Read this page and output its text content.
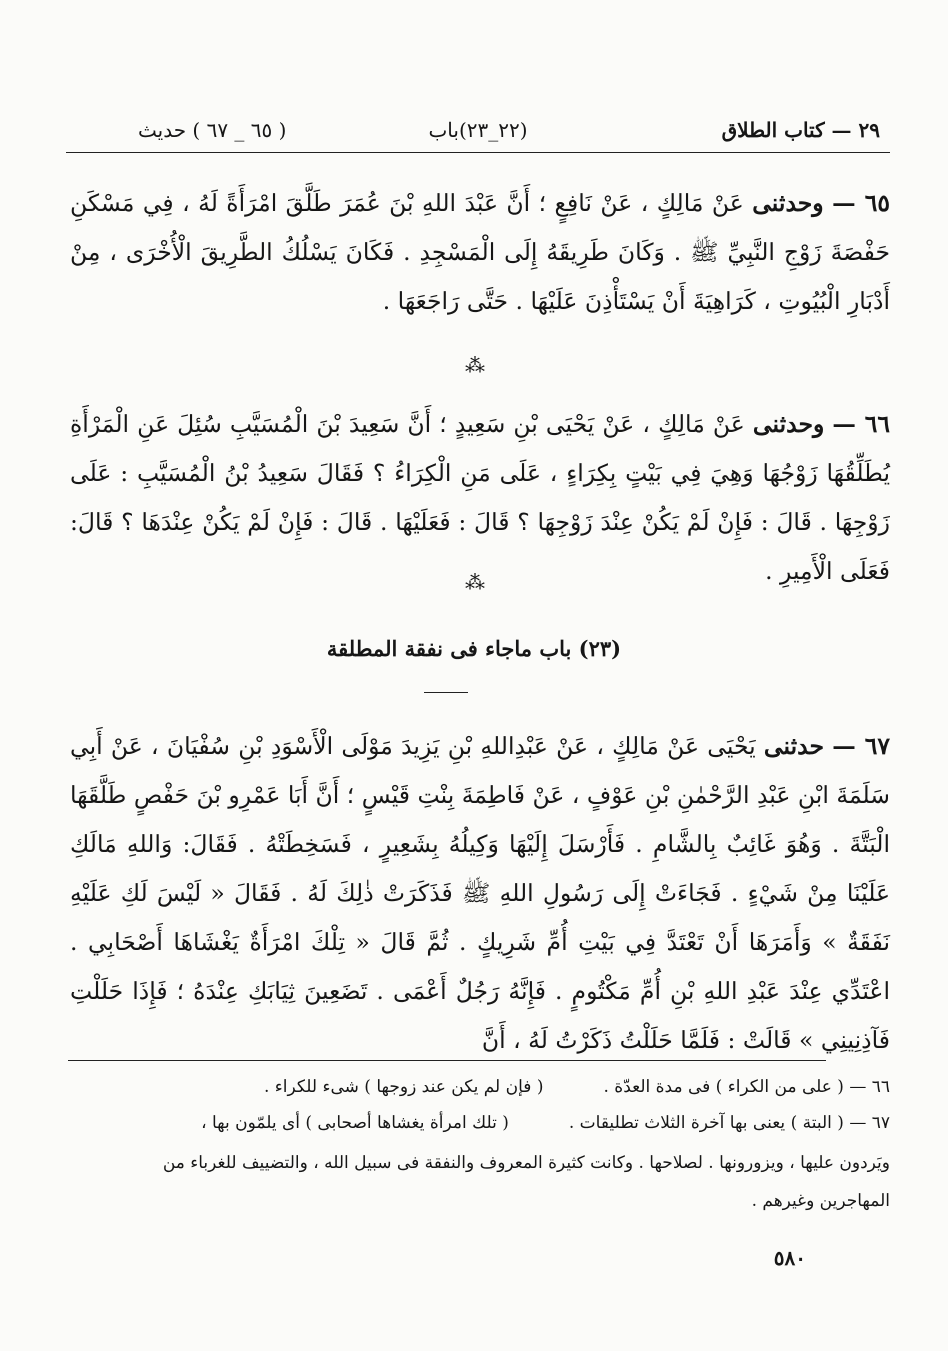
٢٩ — كتاب الطلاق
(٢٢_٢٣)باب
( ٦٥ _ ٦٧ ) حديث
٦٥ — وحدثنى عَنْ مَالِكٍ ، عَنْ نَافِعٍ ؛ أَنَّ عَبْدَ اللهِ بْنَ عُمَرَ طَلَّقَ امْرَأَةً لَهُ ، فِي مَسْكَنِ حَفْصَةَ زَوْجِ النَّبِيِّ ﷺ . وَكَانَ طَرِيقَهُ إِلَى الْمَسْجِدِ . فَكَانَ يَسْلُكُ الطَّرِيقَ الْأُخْرَى ، مِنْ أَدْبَارِ الْبُيُوتِ ، كَرَاهِيَةَ أَنْ يَسْتَأْذِنَ عَلَيْهَا . حَتَّى رَاجَعَهَا .
⁂
٦٦ — وحدثنى عَنْ مَالِكٍ ، عَنْ يَحْيَى بْنِ سَعِيدٍ ؛ أَنَّ سَعِيدَ بْنَ الْمُسَيَّبِ سُئِلَ عَنِ الْمَرْأَةِ يُطَلِّقُهَا زَوْجُهَا وَهِيَ فِي بَيْتٍ بِكِرَاءٍ ، عَلَى مَنِ الْكِرَاءُ ؟ فَقَالَ سَعِيدُ بْنُ الْمُسَيَّبِ : عَلَى زَوْجِهَا . قَالَ : فَإِنْ لَمْ يَكُنْ عِنْدَ زَوْجِهَا ؟ قَالَ : فَعَلَيْهَا . قَالَ : فَإِنْ لَمْ يَكُنْ عِنْدَهَا ؟ قَالَ: فَعَلَى الْأَمِيرِ .
⁂
(٢٣) باب ماجاء فى نفقة المطلقة
٦٧ — حدثنى يَحْيَى عَنْ مَالِكٍ ، عَنْ عَبْدِاللهِ بْنِ يَزِيدَ مَوْلَى الْأَسْوَدِ بْنِ سُفْيَانَ ، عَنْ أَبِي سَلَمَةَ ابْنِ عَبْدِ الرَّحْمٰنِ بْنِ عَوْفٍ ، عَنْ فَاطِمَةَ بِنْتِ قَيْسٍ ؛ أَنَّ أَبَا عَمْرِو بْنَ حَفْصٍ طَلَّقَهَا الْبَتَّةَ . وَهُوَ غَائِبٌ بِالشَّامِ . فَأَرْسَلَ إِلَيْهَا وَكِيلُهُ بِشَعِيرٍ ، فَسَخِطَتْهُ . فَقَالَ: وَاللهِ مَالَكِ عَلَيْنَا مِنْ شَيْءٍ . فَجَاءَتْ إِلَى رَسُولِ اللهِ ﷺ فَذَكَرَتْ ذٰلِكَ لَهُ . فَقَالَ « لَيْسَ لَكِ عَلَيْهِ نَفَقَةٌ » وَأَمَرَهَا أَنْ تَعْتَدَّ فِي بَيْتِ أُمِّ شَرِيكٍ . ثُمَّ قَالَ « تِلْكَ امْرَأَةٌ يَغْشَاهَا أَصْحَابِي . اعْتَدِّي عِنْدَ عَبْدِ اللهِ بْنِ أُمِّ مَكْتُومٍ . فَإِنَّهُ رَجُلٌ أَعْمَى . تَضَعِينَ ثِيَابَكِ عِنْدَهُ ؛ فَإِذَا حَلَلْتِ فَآذِنِينِي » قَالَتْ : فَلَمَّا حَلَلْتُ ذَكَرْتُ لَهُ ، أَنَّ
٦٦ — ( على من الكراء ) فى مدة العدّة .( فإن لم يكن عند زوجها ) شىء للكراء .
٦٧ — ( البتة ) يعنى بها آخرة الثلاث تطليقات .( تلك امرأة يغشاها أصحابى ) أى يلمّون بها ،
ويَردون عليها ، ويزورونها . لصلاحها . وكانت كثيرة المعروف والنفقة فى سبيل الله ، والتضييف للغرباء من
المهاجرين وغيرهم .
٥٨٠
